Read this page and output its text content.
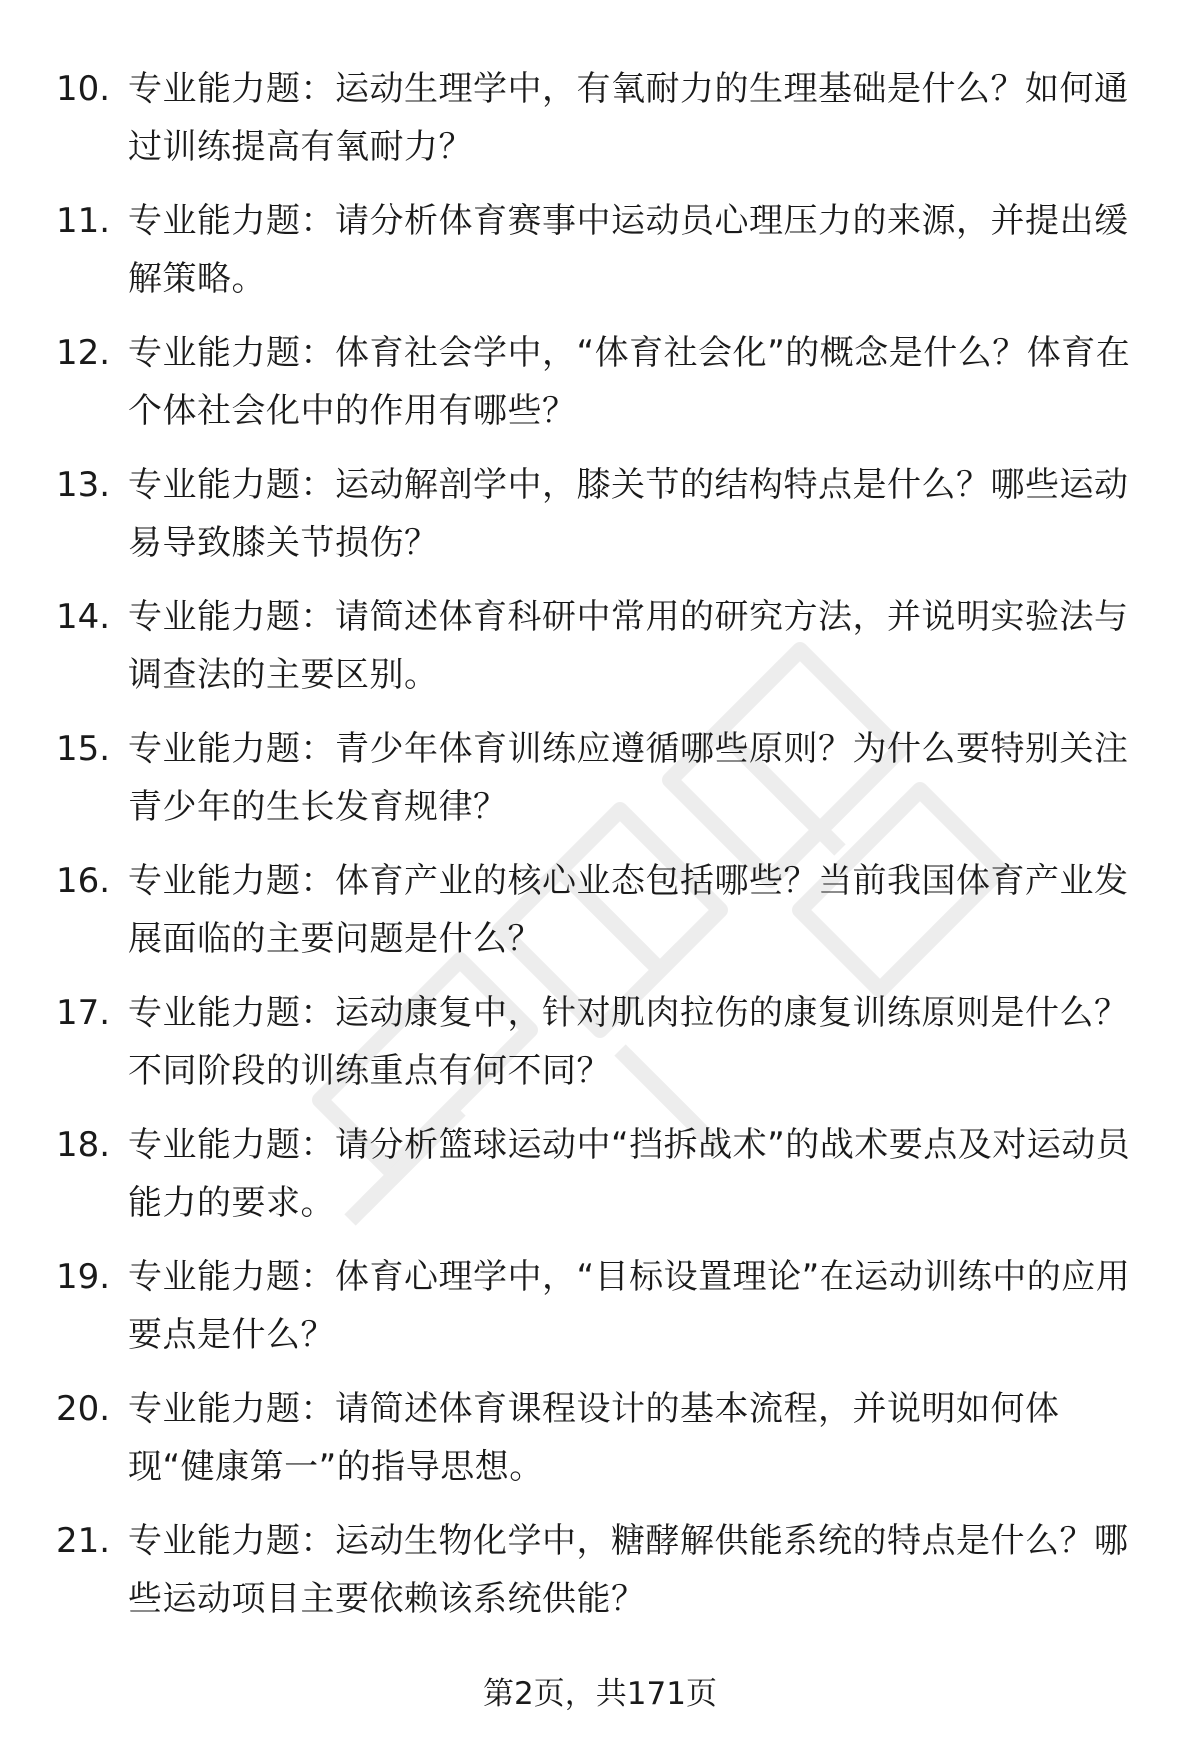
10. 专业能力题：运动生理学中，有氧耐力的生理基础是什么？如何通过训练提高有氧耐力？
11. 专业能力题：请分析体育赛事中运动员心理压力的来源，并提出缓解策略。
12. 专业能力题：体育社会学中，“体育社会化”的概念是什么？体育在个体社会化中的作用有哪些？
13. 专业能力题：运动解剖学中，膝关节的结构特点是什么？哪些运动易导致膝关节损伤？
14. 专业能力题：请简述体育科研中常用的研究方法，并说明实验法与调查法的主要区别。
15. 专业能力题：青少年体育训练应遵循哪些原则？为什么要特别关注青少年的生长发育规律？
16. 专业能力题：体育产业的核心业态包括哪些？当前我国体育产业发展面临的主要问题是什么？
17. 专业能力题：运动康复中，针对肌肉拉伤的康复训练原则是什么？不同阶段的训练重点有何不同？
18. 专业能力题：请分析篮球运动中“挡拆战术”的战术要点及对运动员能力的要求。
19. 专业能力题：体育心理学中，“目标设置理论”在运动训练中的应用要点是什么？
20. 专业能力题：请简述体育课程设计的基本流程，并说明如何体现“健康第一”的指导思想。
21. 专业能力题：运动生物化学中，糖酵解供能系统的特点是什么？哪些运动项目主要依赖该系统供能？
第2页，共171页
